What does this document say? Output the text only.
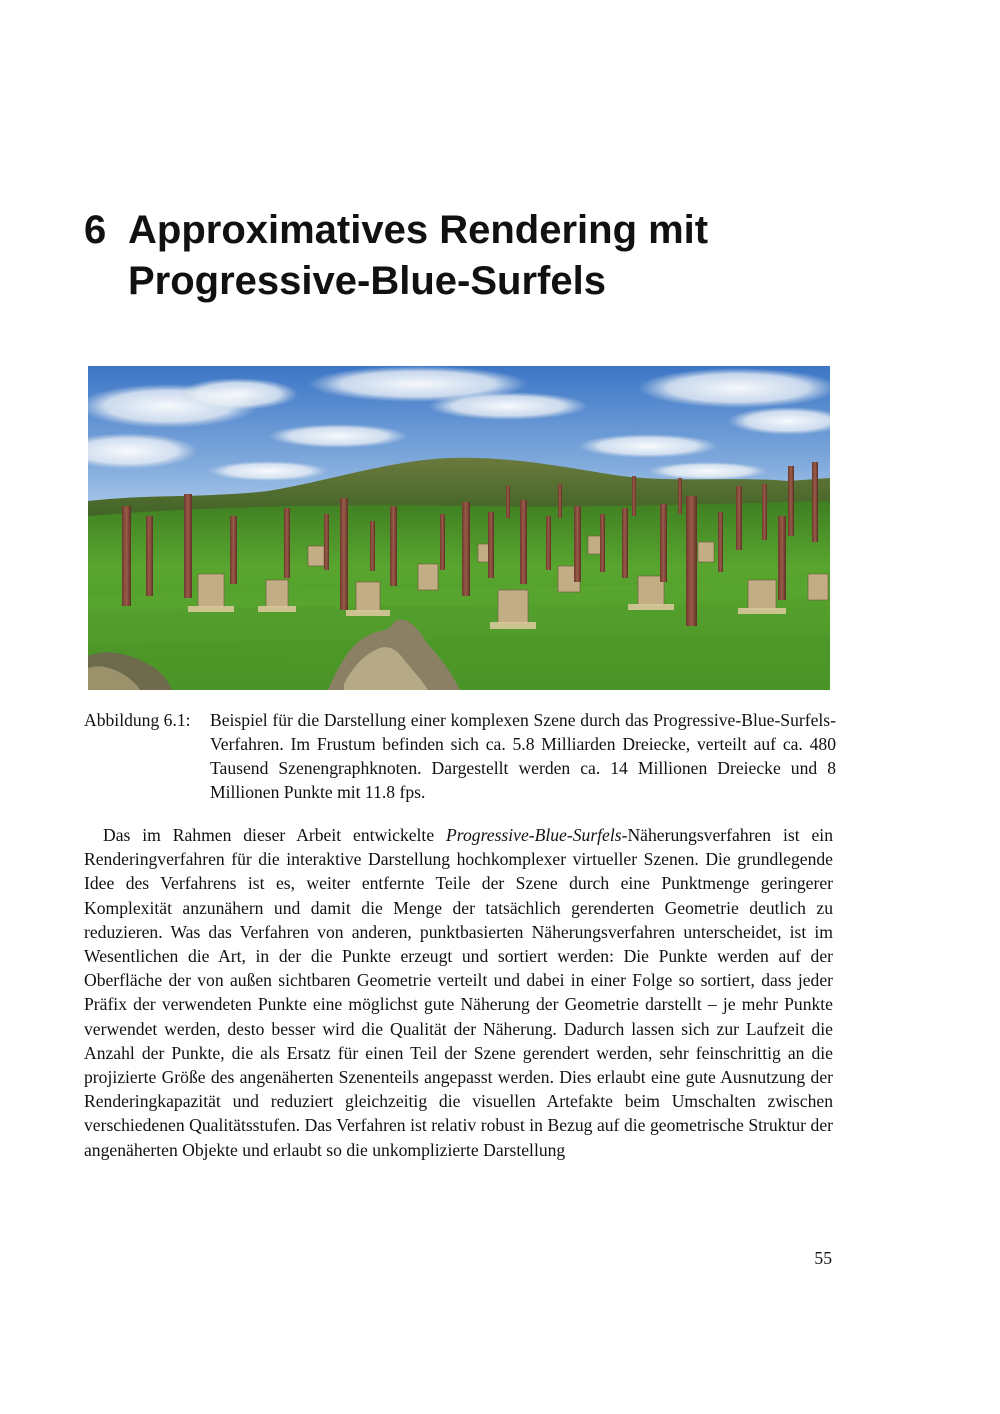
6 Approximatives Rendering mit Progressive-Blue-Surfels
Abbildung 6.1: Beispiel für die Darstellung einer komplexen Szene durch das Progressive-Blue-Surfels-Verfahren. Im Frustum befinden sich ca. 5.8 Milliarden Dreiecke, verteilt auf ca. 480 Tausend Szenengraphknoten. Dargestellt werden ca. 14 Millionen Dreiecke und 8 Millionen Punkte mit 11.8 fps.

Das im Rahmen dieser Arbeit entwickelte Progressive-Blue-Surfels-Näherungsverfahren ist ein Renderingverfahren für die interaktive Darstellung hochkomplexer virtueller Szenen. Die grundlegende Idee des Verfahrens ist es, weiter entfernte Teile der Szene durch eine Punktmenge geringerer Komplexität anzunähern und damit die Menge der tatsächlich gerenderten Geometrie deutlich zu reduzieren. Was das Verfahren von anderen, punktbasierten Näherungsverfahren unterscheidet, ist im Wesentlichen die Art, in der die Punkte erzeugt und sortiert werden: Die Punkte werden auf der Oberfläche der von außen sichtbaren Geometrie verteilt und dabei in einer Folge so sortiert, dass jeder Präfix der verwendeten Punkte eine möglichst gute Näherung der Geometrie darstellt – je mehr Punkte verwendet werden, desto besser wird die Qualität der Näherung. Dadurch lassen sich zur Laufzeit die Anzahl der Punkte, die als Ersatz für einen Teil der Szene gerendert werden, sehr feinschrittig an die projizierte Größe des angenäherten Szenenteils angepasst werden. Dies erlaubt eine gute Ausnutzung der Renderingkapazität und reduziert gleichzeitig die visuellen Artefakte beim Umschalten zwischen verschiedenen Qualitätsstufen. Das Verfahren ist relativ robust in Bezug auf die geometrische Struktur der angenäherten Objekte und erlaubt so die unkomplizierte Darstellung

55
